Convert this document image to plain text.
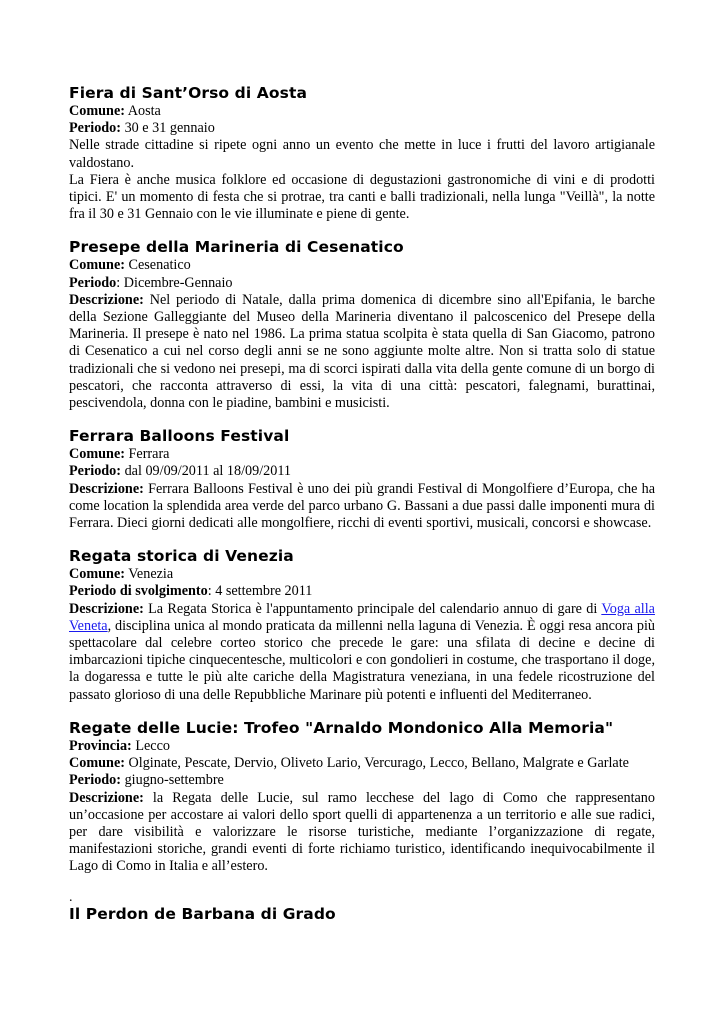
Fiera di Sant’Orso di Aosta

Comune: Aosta

Periodo: 30 e 31 gennaio

Nelle strade cittadine si ripete ogni anno un evento che mette in luce i frutti del lavoro artigianale valdostano.

La Fiera è anche musica folklore ed occasione di degustazioni gastronomiche di vini e di prodotti tipici. E' un momento di festa che si protrae, tra canti e balli tradizionali, nella lunga "Veillà", la notte fra il 30 e 31 Gennaio con le vie illuminate e piene di gente.

Presepe della Marineria di Cesenatico

Comune: Cesenatico

Periodo: Dicembre-Gennaio

Descrizione: Nel periodo di Natale, dalla prima domenica di dicembre sino all'Epifania, le barche della Sezione Galleggiante del Museo della Marineria diventano il palcoscenico del Presepe della Marineria. Il presepe è nato nel 1986. La prima statua scolpita è stata quella di San Giacomo, patrono di Cesenatico a cui nel corso degli anni se ne sono aggiunte molte altre. Non si tratta solo di statue tradizionali che si vedono nei presepi, ma di scorci ispirati dalla vita della gente comune di un borgo di pescatori, che racconta attraverso di essi, la vita di una città: pescatori, falegnami, burattinai, pescivendola, donna con le piadine, bambini e musicisti.

Ferrara Balloons Festival

Comune: Ferrara

Periodo: dal 09/09/2011 al 18/09/2011

Descrizione: Ferrara Balloons Festival è uno dei più grandi Festival di Mongolfiere d’Europa, che ha come location la splendida area verde del parco urbano G. Bassani a due passi dalle imponenti mura di Ferrara. Dieci giorni dedicati alle mongolfiere, ricchi di eventi sportivi, musicali, concorsi e showcase.

Regata storica di Venezia

Comune: Venezia

Periodo di svolgimento: 4 settembre 2011

Descrizione: La Regata Storica è l'appuntamento principale del calendario annuo di gare di Voga alla Veneta, disciplina unica al mondo praticata da millenni nella laguna di Venezia. È oggi resa ancora più spettacolare dal celebre corteo storico che precede le gare: una sfilata di decine e decine di imbarcazioni tipiche cinquecentesche, multicolori e con gondolieri in costume, che trasportano il doge, la dogaressa e tutte le più alte cariche della Magistratura veneziana, in una fedele ricostruzione del passato glorioso di una delle Repubbliche Marinare più potenti e influenti del Mediterraneo.

Regate delle Lucie: Trofeo "Arnaldo Mondonico Alla Memoria"

Provincia: Lecco

Comune: Olginate, Pescate, Dervio, Oliveto Lario, Vercurago, Lecco, Bellano, Malgrate e Garlate

Periodo: giugno-settembre

Descrizione: la Regata delle Lucie, sul ramo lecchese del lago di Como che rappresentano un’occasione per accostare ai valori dello sport quelli di appartenenza a un territorio e alle sue radici, per dare visibilità e valorizzare le risorse turistiche, mediante l’organizzazione di regate, manifestazioni storiche, grandi eventi di forte richiamo turistico, identificando inequivocabilmente il Lago di Como in Italia e all’estero.

.

Il Perdon de Barbana di Grado
